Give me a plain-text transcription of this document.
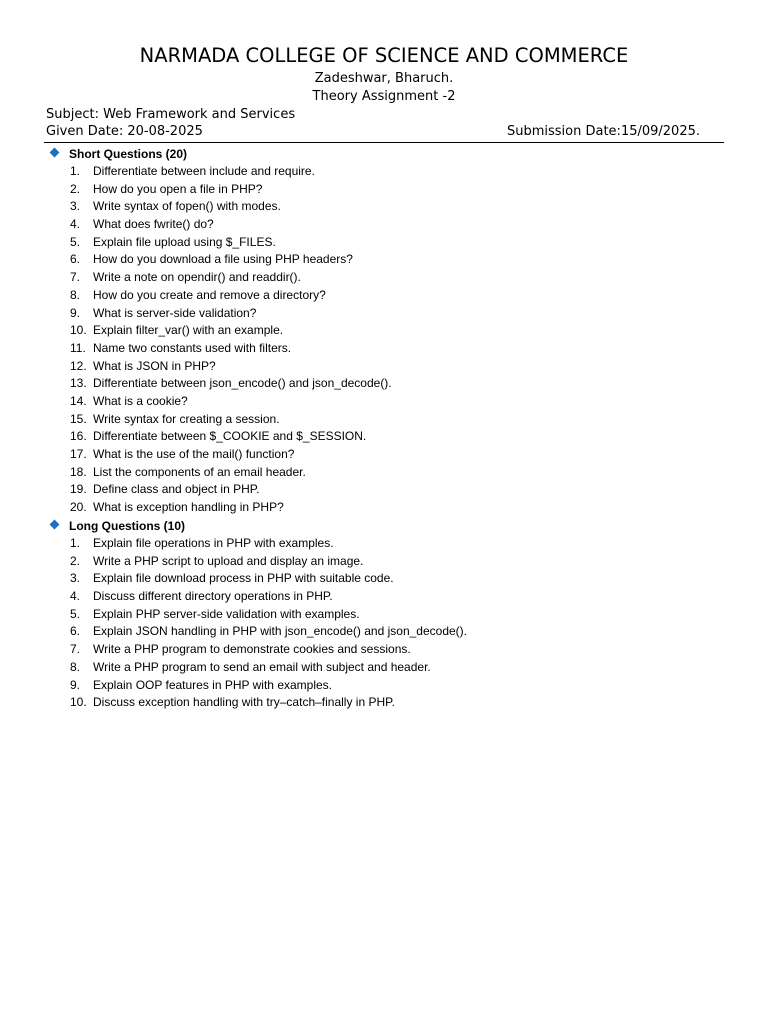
NARMADA COLLEGE OF SCIENCE AND COMMERCE
Zadeshwar, Bharuch.
Theory Assignment -2
Subject: Web Framework and Services
Given Date: 20-08-2025	Submission Date:15/09/2025.
Short Questions (20)
1. Differentiate between include and require.
2. How do you open a file in PHP?
3. Write syntax of fopen() with modes.
4. What does fwrite() do?
5. Explain file upload using $_FILES.
6. How do you download a file using PHP headers?
7. Write a note on opendir() and readdir().
8. How do you create and remove a directory?
9. What is server-side validation?
10. Explain filter_var() with an example.
11. Name two constants used with filters.
12. What is JSON in PHP?
13. Differentiate between json_encode() and json_decode().
14. What is a cookie?
15. Write syntax for creating a session.
16. Differentiate between $_COOKIE and $_SESSION.
17. What is the use of the mail() function?
18. List the components of an email header.
19. Define class and object in PHP.
20. What is exception handling in PHP?
Long Questions (10)
1. Explain file operations in PHP with examples.
2. Write a PHP script to upload and display an image.
3. Explain file download process in PHP with suitable code.
4. Discuss different directory operations in PHP.
5. Explain PHP server-side validation with examples.
6. Explain JSON handling in PHP with json_encode() and json_decode().
7. Write a PHP program to demonstrate cookies and sessions.
8. Write a PHP program to send an email with subject and header.
9. Explain OOP features in PHP with examples.
10. Discuss exception handling with try–catch–finally in PHP.
